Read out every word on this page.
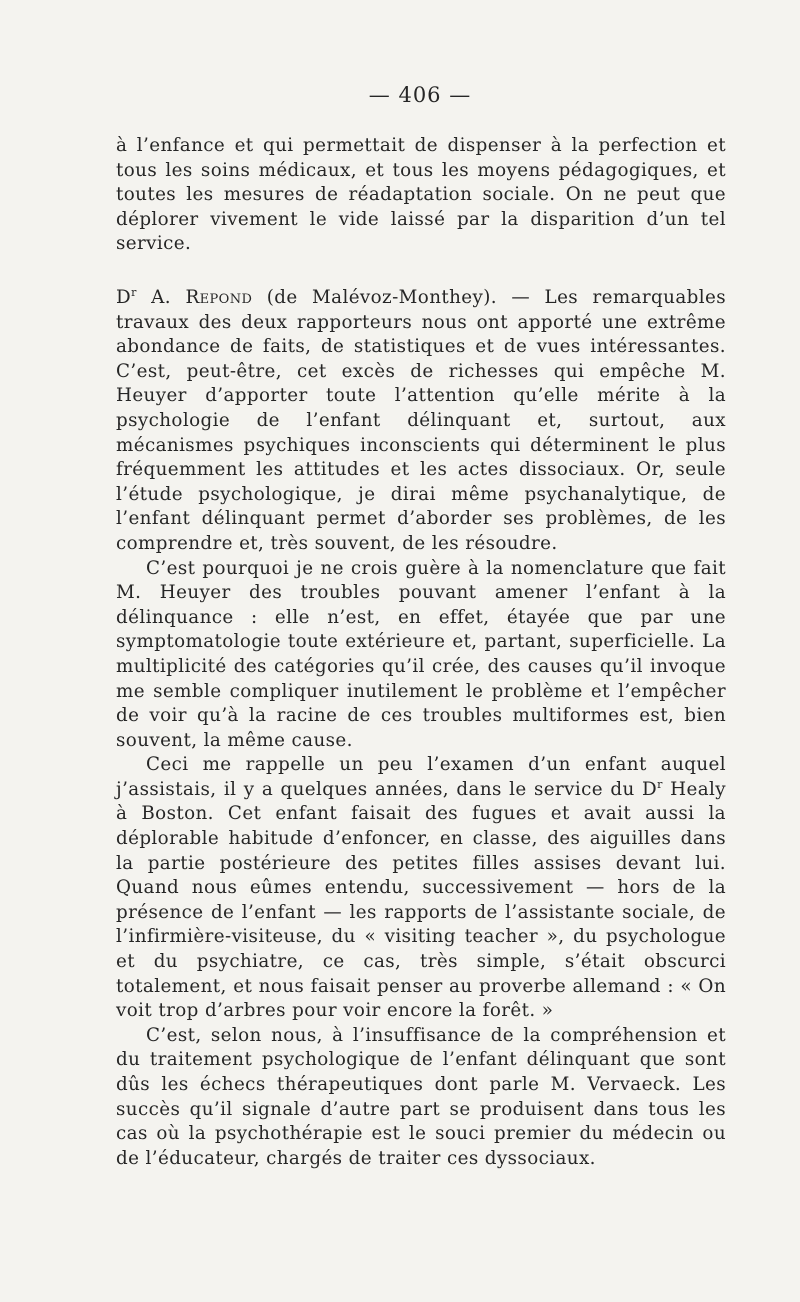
— 406 —

à l’enfance et qui permettait de dispenser à la perfection et tous les soins médicaux, et tous les moyens pédagogiques, et toutes les mesures de réadaptation sociale. On ne peut que déplorer vivement le vide laissé par la disparition d’un tel service.

$D^r$ A. Repond (de Malévoz-Monthey). — Les remarquables travaux des deux rapporteurs nous ont apporté une extrême abondance de faits, de statistiques et de vues intéressantes. C’est, peut-être, cet excès de richesses qui empêche M. Heuyer d’apporter toute l’attention qu’elle mérite à la psychologie de l’enfant délinquant et, surtout, aux mécanismes psychiques inconscients qui déterminent le plus fréquemment les attitudes et les actes dissociaux. Or, seule l’étude psychologique, je dirai même psychanalytique, de l’enfant délinquant permet d’aborder ses problèmes, de les comprendre et, très souvent, de les résoudre.

C’est pourquoi je ne crois guère à la nomenclature que fait M. Heuyer des troubles pouvant amener l’enfant à la délinquance : elle n’est, en effet, étayée que par une symptomatologie toute extérieure et, partant, superficielle. La multiplicité des catégories qu’il crée, des causes qu’il invoque me semble compliquer inutilement le problème et l’empêcher de voir qu’à la racine de ces troubles multiformes est, bien souvent, la même cause.

Ceci me rappelle un peu l’examen d’un enfant auquel j’assistais, il y a quelques années, dans le service du $D^r$ Healy à Boston. Cet enfant faisait des fugues et avait aussi la déplorable habitude d’enfoncer, en classe, des aiguilles dans la partie postérieure des petites filles assises devant lui. Quand nous eûmes entendu, successivement — hors de la présence de l’enfant — les rapports de l’assistante sociale, de l’infirmière-visiteuse, du « visiting teacher », du psychologue et du psychiatre, ce cas, très simple, s’était obscurci totalement, et nous faisait penser au proverbe allemand : « On voit trop d’arbres pour voir encore la forêt. »

C’est, selon nous, à l’insuffisance de la compréhension et du traitement psychologique de l’enfant délinquant que sont dûs les échecs thérapeutiques dont parle M. Vervaeck. Les succès qu’il signale d’autre part se produisent dans tous les cas où la psychothérapie est le souci premier du médecin ou de l’éducateur, chargés de traiter ces dyssociaux.
